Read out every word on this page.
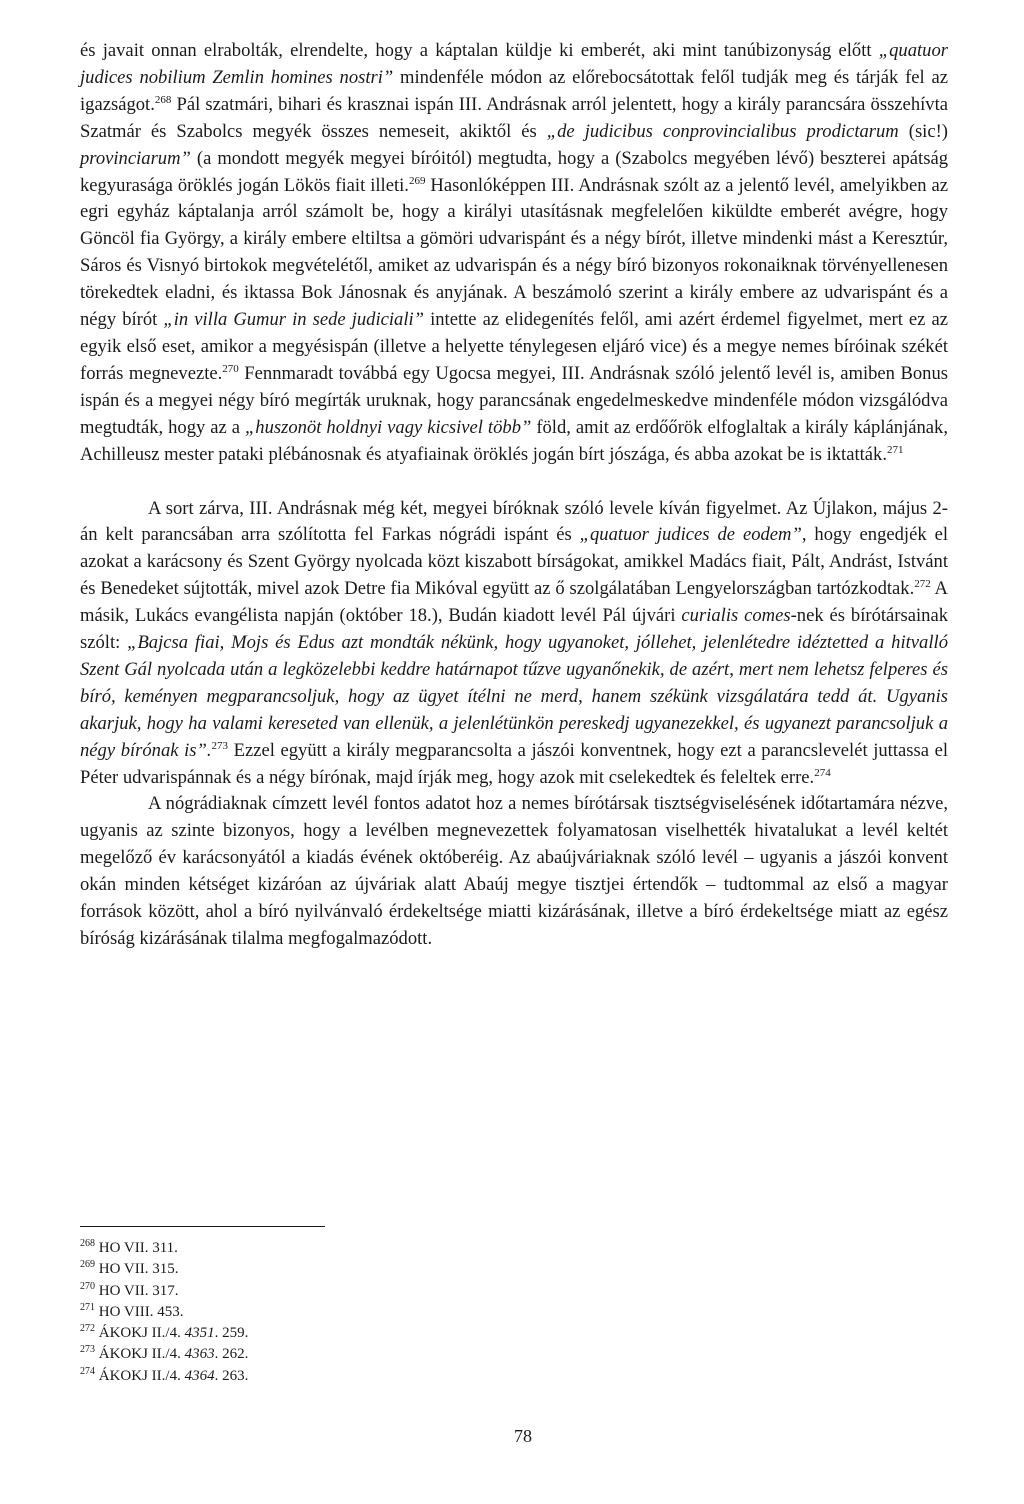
és javait onnan elrabolták, elrendelte, hogy a káptalan küldje ki emberét, aki mint tanúbizonyság előtt „quatuor judices nobilium Zemlin homines nostri” mindenféle módon az előrebocsátottak felől tudják meg és tárják fel az igazságot.$^{268}$ Pál szatmári, bihari és krasznai ispán III. Andrásnak arról jelentett, hogy a király parancsára összehívta Szatmár és Szabolcs megyék összes nemeseit, akiktől és „de judicibus conprovincialibus prodictarum (sic!) provinciarum” (a mondott megyék megyei bíróitól) megtudta, hogy a (Szabolcs megyében lévő) beszterei apátság kegyurasága öröklés jogán Lökös fiait illeti.$^{269}$ Hasonlóképpen III. Andrásnak szólt az a jelentő levél, amelyikben az egri egyház káptalanja arról számolt be, hogy a királyi utasításnak megfelelően kiküldte emberét avégre, hogy Göncöl fia György, a király embere eltiltsa a gömöri udvarispánt és a négy bírót, illetve mindenki mást a Keresztúr, Sáros és Visnyó birtokok megvételétől, amiket az udvarispán és a négy bíró bizonyos rokonaiknak törvényellenesen törekedtek eladni, és iktassa Bok Jánosnak és anyjának. A beszámoló szerint a király embere az udvarispánt és a négy bírót „in villa Gumur in sede judiciali” intette az elidegenítés felől, ami azért érdemel figyelmet, mert ez az egyik első eset, amikor a megyésispán (illetve a helyette ténylegesen eljáró vice) és a megye nemes bíróinak székét forrás megnevezte.$^{270}$ Fennmaradt továbbá egy Ugocsa megyei, III. Andrásnak szóló jelentő levél is, amiben Bonus ispán és a megyei négy bíró megírták uruknak, hogy parancsának engedelmeskedve mindenféle módon vizsgálódva megtudták, hogy az a „huszonöt holdnyi vagy kicsivel több” föld, amit az erdőőrök elfoglaltak a király káplánjának, Achilleusz mester pataki plébánosnak és atyafiainak öröklés jogán bírt jószága, és abba azokat be is iktatták.$^{271}$

A sort zárva, III. Andrásnak még két, megyei bíróknak szóló levele kíván figyelmet. Az Újlakon, május 2-án kelt parancsában arra szólította fel Farkas nógrádi ispánt és „quatuor judices de eodem”, hogy engedjék el azokat a karácsony és Szent György nyolcada közt kiszabott bírságokat, amikkel Madács fiait, Pált, Andrást, Istvánt és Benedeket sújtották, mivel azok Detre fia Mikóval együtt az ő szolgálatában Lengyelországban tartózkodtak.$^{272}$ A másik, Lukács evangélista napján (október 18.), Budán kiadott levél Pál újvári curialis comes-nek és bírótársainak szólt: „Bajcsa fiai, Mojs és Edus azt mondták nékünk, hogy ugyanoket, jóllehet, jelenlétedre idéztetted a hitvalló Szent Gál nyolcada után a legközelebbi keddre határnapot tűzve ugyanőnekik, de azért, mert nem lehetsz felperes és bíró, keményen megparancsoljuk, hogy az ügyet ítélni ne merd, hanem székünk vizsgálatára tedd át. Ugyanis akarjuk, hogy ha valami kereseted van ellenük, a jelenlétünkön pereskedj ugyanezekkel, és ugyanezt parancsoljuk a négy bírónak is”.$^{273}$ Ezzel együtt a király megparancsolta a jászói konventnek, hogy ezt a parancslevelét juttassa el Péter udvarispánnak és a négy bírónak, majd írják meg, hogy azok mit cselekedtek és feleltek erre.$^{274}$

A nógrádiaknak címzett levél fontos adatot hoz a nemes bírótársak tisztségviselésének időtartamára nézve, ugyanis az szinte bizonyos, hogy a levélben megnevezettek folyamatosan viselhették hivatalukat a levél keltét megelőző év karácsonyától a kiadás évének októberéig. Az abaújváriaknak szóló levél – ugyanis a jászói konvent okán minden kétséget kizáróan az újváriak alatt Abaúj megye tisztjei értendők – tudtommal az első a magyar források között, ahol a bíró nyilvánvaló érdekeltsége miatti kizárásának, illetve a bíró érdekeltsége miatt az egész bíróság kizárásának tilalma megfogalmazódott.

$^{268}$ HO VII. 311.
$^{269}$ HO VII. 315.
$^{270}$ HO VII. 317.
$^{271}$ HO VIII. 453.
$^{272}$ ÁKOKJ II./4. 4351. 259.
$^{273}$ ÁKOKJ II./4. 4363. 262.
$^{274}$ ÁKOKJ II./4. 4364. 263.
78
